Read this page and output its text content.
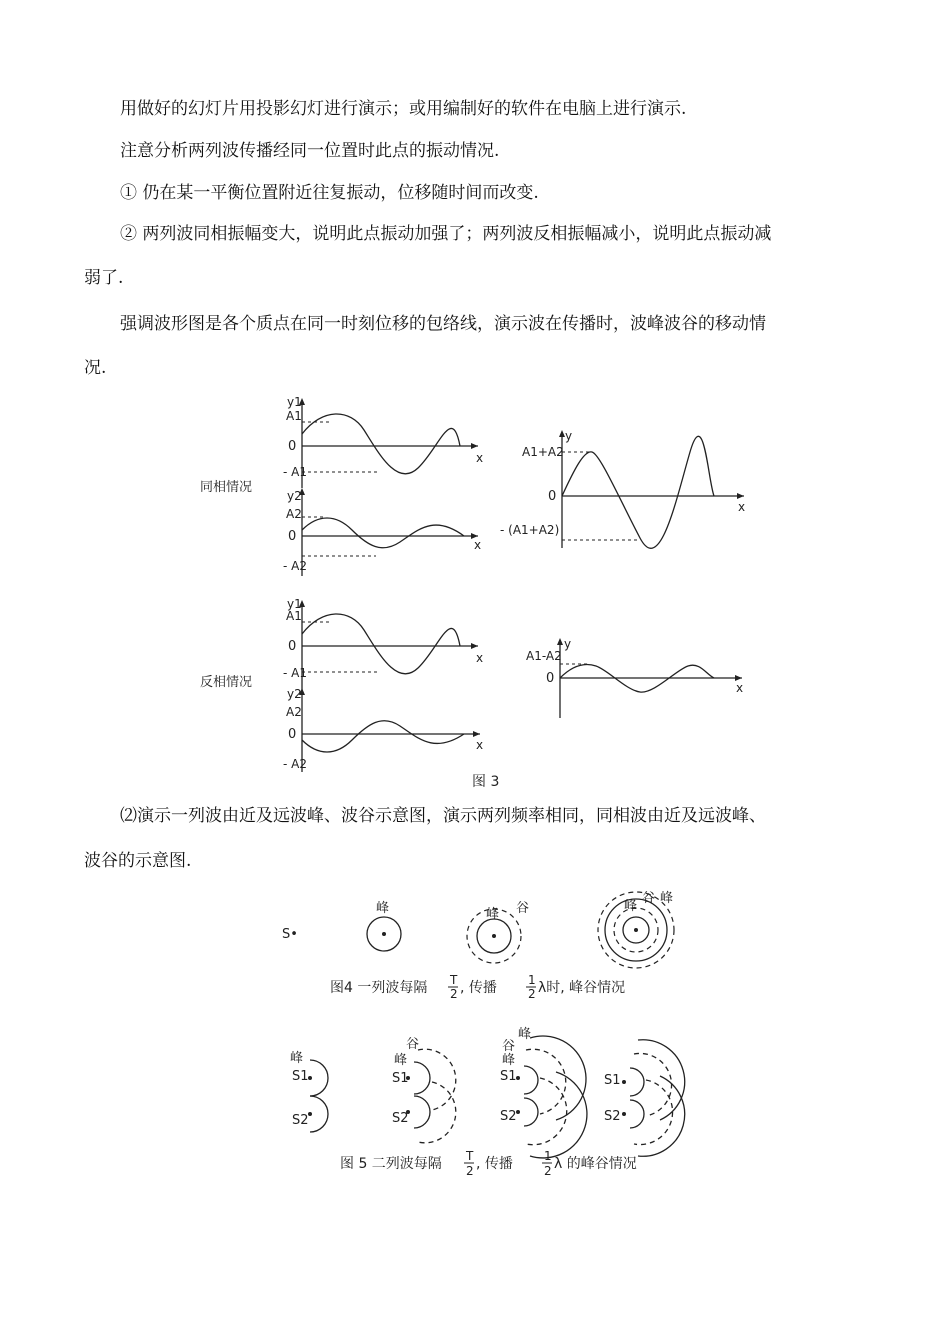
用做好的幻灯片用投影幻灯进行演示；或用编制好的软件在电脑上进行演示.
注意分析两列波传播经同一位置时此点的振动情况.
① 仍在某一平衡位置附近往复振动，位移随时间而改变.
② 两列波同相振幅变大，说明此点振动加强了；两列波反相振幅减小，说明此点振动减
弱了.
强调波形图是各个质点在同一时刻位移的包络线，演示波在传播时，波峰波谷的移动情
况.
⑵演示一列波由近及远波峰、波谷示意图，演示两列频率相同，同相波由近及远波峰、
波谷的示意图.
y1
A1
0
- A1
x
同相情况
y2
A2
0
x
- A2
y
A1+A2
0
x
- (A1+A2)
y1
A1
0
x
- A1
反相情况
y2
A2
0
x
- A2
y
A1-A2
0
x
图 3
S•
峰	峰 谷	峰
谷 峰
图4 一列波每隔 T
2 , 传播	1
2 λ时, 峰谷情况
峰
S1
S2
谷
峰
S1
S2
峰
谷
峰
S1
S2
S1
S2
图 5 二列波每隔 T
2 , 传播	1
2 λ 的峰谷情况
